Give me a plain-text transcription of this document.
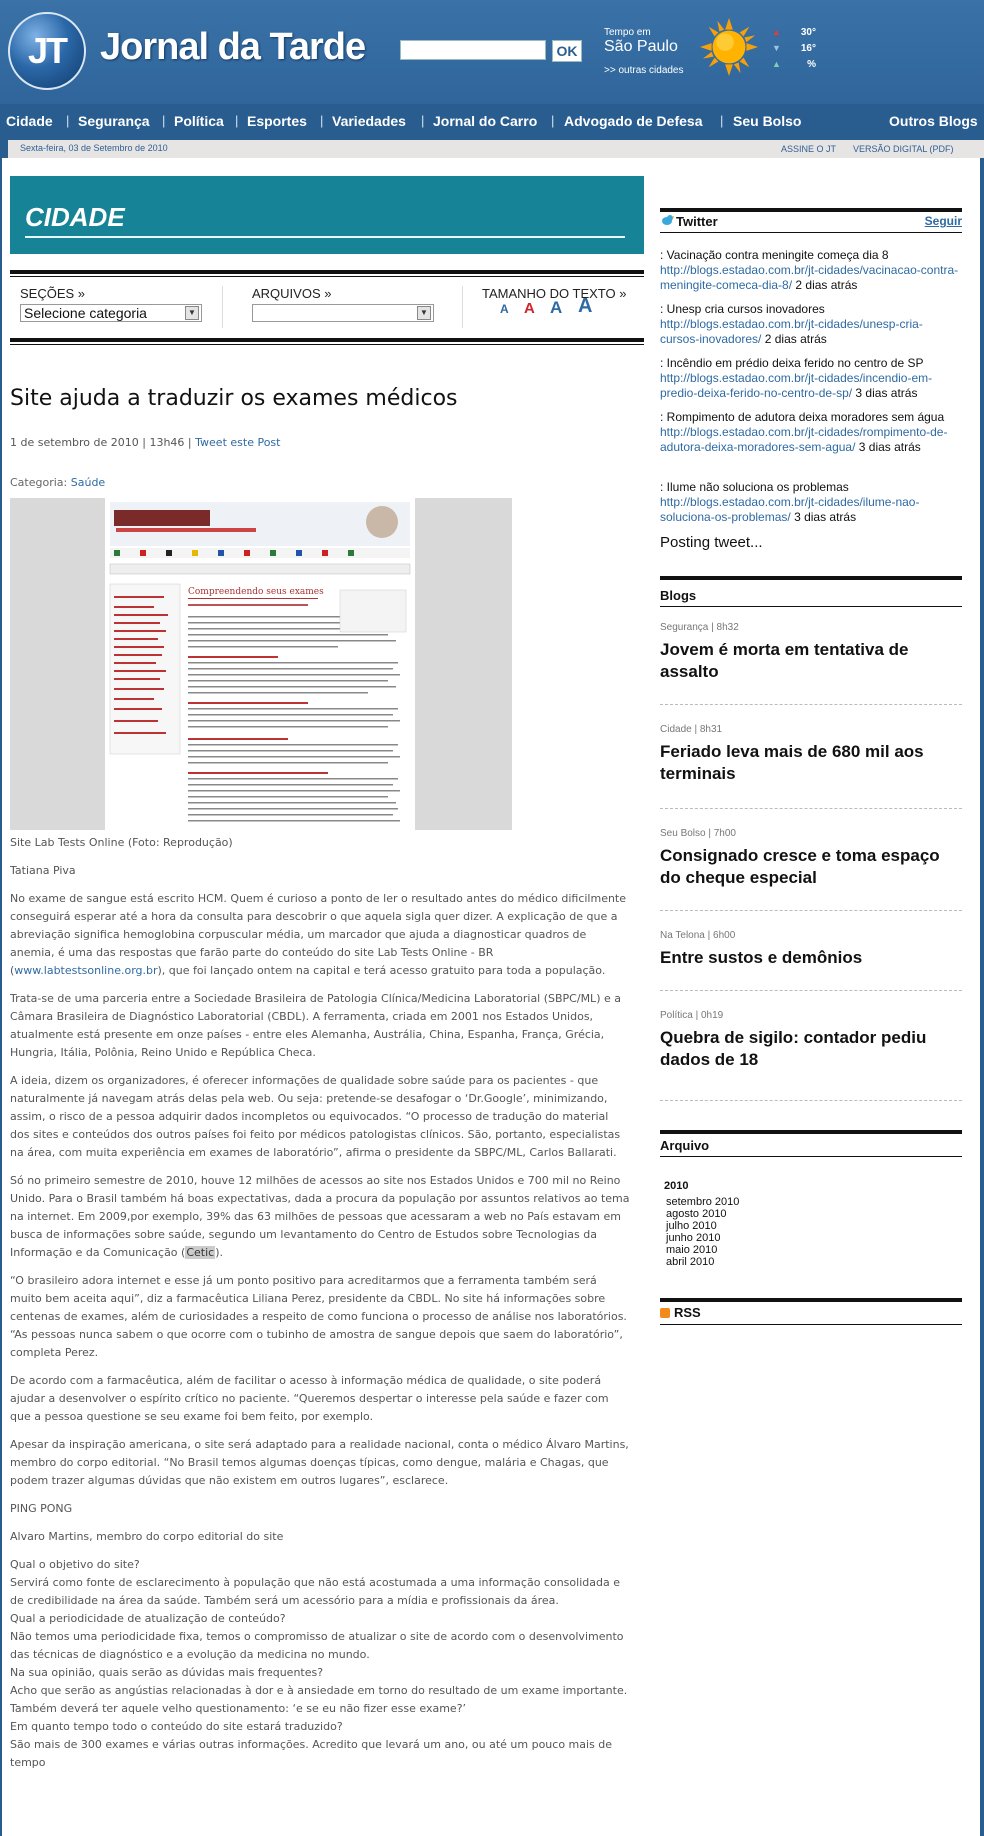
JT Jornal da Tarde	OK
Tempo em
São Paulo
>> outras cidades
▲ 30°
▼ 16°
▲	%
Cidade | Segurança | Política | Esportes | Variedades | Jornal do Carro | Advogado de Defesa | Seu Bolso	Outros Blogs
Sexta-feira, 03 de Setembro de 2010	ASSINE O JT VERSÃO DIGITAL (PDF)
CIDADE
SEÇÕES »
Selecione categoria	▼
ARQUIVOS »
▼
TAMANHO DO TEXTO »
A A A A
Site ajuda a traduzir os exames médicos
1 de setembro de 2010 | 13h46 | Tweet este Post
Categoria: Saúde
Compreendendo seus exames
Site Lab Tests Online (Foto: Reprodução)
Tatiana Piva

No exame de sangue está escrito HCM. Quem é curioso a ponto de ler o resultado antes do médico dificilmente conseguirá esperar até a hora da consulta para descobrir o que aquela sigla quer dizer. A explicação de que a abreviação significa hemoglobina corpuscular média, um marcador que ajuda a diagnosticar quadros de anemia, é uma das respostas que farão parte do conteúdo do site Lab Tests Online - BR (www.labtestsonline.org.br), que foi lançado ontem na capital e terá acesso gratuito para toda a população.

Trata-se de uma parceria entre a Sociedade Brasileira de Patologia Clínica/Medicina Laboratorial (SBPC/ML) e a Câmara Brasileira de Diagnóstico Laboratorial (CBDL). A ferramenta, criada em 2001 nos Estados Unidos, atualmente está presente em onze países - entre eles Alemanha, Austrália, China, Espanha, França, Grécia, Hungria, Itália, Polônia, Reino Unido e República Checa.

A ideia, dizem os organizadores, é oferecer informações de qualidade sobre saúde para os pacientes - que naturalmente já navegam atrás delas pela web. Ou seja: pretende-se desafogar o ‘Dr.Google’, minimizando, assim, o risco de a pessoa adquirir dados incompletos ou equivocados. “O processo de tradução do material dos sites e conteúdos dos outros países foi feito por médicos patologistas clínicos. São, portanto, especialistas na área, com muita experiência em exames de laboratório”, afirma o presidente da SBPC/ML, Carlos Ballarati.

Só no primeiro semestre de 2010, houve 12 milhões de acessos ao site nos Estados Unidos e 700 mil no Reino Unido. Para o Brasil também há boas expectativas, dada a procura da população por assuntos relativos ao tema na internet. Em 2009,por exemplo, 39% das 63 milhões de pessoas que acessaram a web no País estavam em busca de informações sobre saúde, segundo um levantamento do Centro de Estudos sobre Tecnologias da Informação e da Comunicação (Cetic).

“O brasileiro adora internet e esse já um ponto positivo para acreditarmos que a ferramenta também será muito bem aceita aqui”, diz a farmacêutica Liliana Perez, presidente da CBDL. No site há informações sobre centenas de exames, além de curiosidades a respeito de como funciona o processo de análise nos laboratórios. “As pessoas nunca sabem o que ocorre com o tubinho de amostra de sangue depois que saem do laboratório”, completa Perez.

De acordo com a farmacêutica, além de facilitar o acesso à informação médica de qualidade, o site poderá ajudar a desenvolver o espírito crítico no paciente. “Queremos despertar o interesse pela saúde e fazer com que a pessoa questione se seu exame foi bem feito, por exemplo.

Apesar da inspiração americana, o site será adaptado para a realidade nacional, conta o médico Álvaro Martins, membro do corpo editorial. “No Brasil temos algumas doenças típicas, como dengue, malária e Chagas, que podem trazer algumas dúvidas que não existem em outros lugares”, esclarece.

PING PONG

Alvaro Martins, membro do corpo editorial do site

Qual o objetivo do site?
Servirá como fonte de esclarecimento à população que não está acostumada a uma informação consolidada e de credibilidade na área da saúde. Também será um acessório para a mídia e profissionais da área.
Qual a periodicidade de atualização de conteúdo?
Não temos uma periodicidade fixa, temos o compromisso de atualizar o site de acordo com o desenvolvimento das técnicas de diagnóstico e a evolução da medicina no mundo.
Na sua opinião, quais serão as dúvidas mais frequentes?
Acho que serão as angústias relacionadas à dor e à ansiedade em torno do resultado de um exame importante. Também deverá ter aquele velho questionamento: ‘e se eu não fizer esse exame?’
Em quanto tempo todo o conteúdo do site estará traduzido?
São mais de 300 exames e várias outras informações. Acredito que levará um ano, ou até um pouco mais de tempo
Twitter	Seguir
: Vacinação contra meningite começa dia 8 http://blogs.estadao.com.br/jt-cidades/vacinacao-contra-meningite-comeca-dia-8/ 2 dias atrás
: Unesp cria cursos inovadores http://blogs.estadao.com.br/jt-cidades/unesp-cria-cursos-inovadores/ 2 dias atrás
: Incêndio em prédio deixa ferido no centro de SP http://blogs.estadao.com.br/jt-cidades/incendio-em-predio-deixa-ferido-no-centro-de-sp/ 3 dias atrás
: Rompimento de adutora deixa moradores sem água http://blogs.estadao.com.br/jt-cidades/rompimento-de-adutora-deixa-moradores-sem-agua/ 3 dias atrás
: Ilume não soluciona os problemas http://blogs.estadao.com.br/jt-cidades/ilume-nao-soluciona-os-problemas/ 3 dias atrás
Posting tweet...
Blogs
Segurança | 8h32
Jovem é morta em tentativa de assalto
Cidade | 8h31
Feriado leva mais de 680 mil aos terminais
Seu Bolso | 7h00
Consignado cresce e toma espaço do cheque especial
Na Telona | 6h00
Entre sustos e demônios
Política | 0h19
Quebra de sigilo: contador pediu dados de 18
Arquivo
2010
setembro 2010
agosto 2010
julho 2010
junho 2010
maio 2010
abril 2010
RSS
